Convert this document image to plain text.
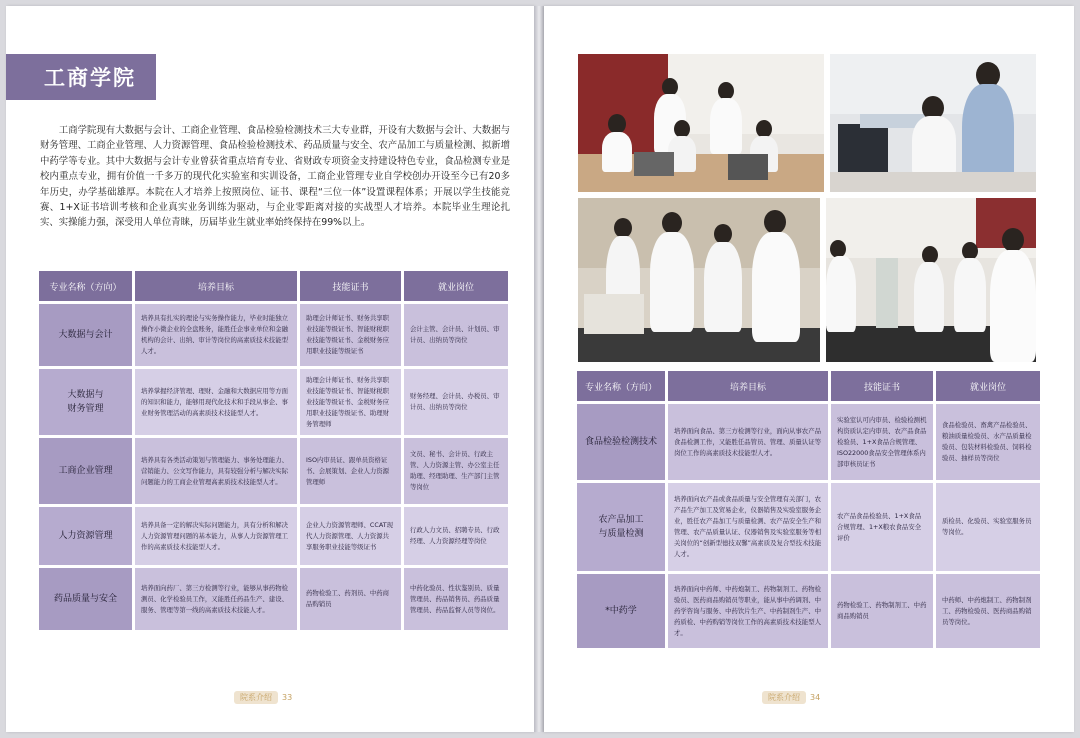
工商学院

工商学院现有大数据与会计、工商企业管理、食品检验检测技术三大专业群，开设有大数据与会计、大数据与财务管理、工商企业管理、人力资源管理、食品检验检测技术、药品质量与安全、农产品加工与质量检测、拟新增中药学等专业。其中大数据与会计专业曾获省重点培育专业、省财政专项资金支持建设特色专业，食品检测专业是校内重点专业，拥有价值一千多万的现代化实验室和实训设备，工商企业管理专业自学校创办开设至今已有20多年历史，办学基础雄厚。本院在人才培养上按照岗位、证书、课程“三位一体”设置课程体系；开展以学生技能竞赛、1+X证书培训考核和企业真实业务训练为驱动，与企业零距离对接的实战型人才培养。本院毕业生理论扎实、实操能力强，深受用人单位青睐，历届毕业生就业率始终保持在99%以上。

专业名称（方向）	培养目标	技能证书	就业岗位
大数据与会计	培养具有扎实的理论与实务操作能力，毕业时能独立操作小微企业的全盘账务，能胜任企事业单位和金融机构的会计、出纳、审计等岗位的高素质技术技能型人才。	助理会计师证书、财务共享职业技能等级证书、智能财税职业技能等级证书、金税财务应用职业技能等级证书	会计主管、会计员、计划员、审计员、出纳员等岗位
大数据与
财务管理	培养掌握经济管理、理财、金融和大数据应用等方面的知识和能力，能够用现代化技术和手段从事企、事业财务管理活动的高素质技术技能型人才。	助理会计师证书、财务共享职业技能等级证书、智能财税职业技能等级证书、金税财务应用职业技能等级证书、助理财务管理师	财务经理、会计员、办税员、审计员、出纳员等岗位
工商企业管理	培养具有各类活动策划与管理能力、事务处理能力、营销能力、公文写作能力，具有较强分析与解决实际问题能力的工商企业管理高素质技术技能型人才。	ISO内审员证、跟单员资格证书、会展策划、企业人力资源管理师	文员、秘书、会计员、行政主管、人力资源主管、办公室主任助理、经理助理、生产部门主管等岗位
人力资源管理	培养具备一定的解决实际问题能力，具有分析和解决人力资源管理问题的基本能力，从事人力资源管理工作的高素质技术技能型人才。	企业人力资源管理师、CCAT现代人力资源管理、人力资源共享服务职业技能等级证书	行政人力文员、招聘专员、行政经理、人力资源经理等岗位
药品质量与安全	培养面向药厂、第三方检测等行业，能够从事药物检测员、化学检验员工作，又能胜任药品生产、建设、服务、管理等第一线的高素质技术技能人才。	药物检验工、药剂员、中药商品购销员	中药化验员、性状鉴别员、质量管理员、药品销售员、药品质量管理员、药品监督人员等岗位。
院系介绍	33
专业名称（方向）	培养目标	技能证书	就业岗位
食品检验检测技术	培养面向食品、第三方检测等行业，面向从事农产品食品检测工作，又能胜任品管员、管理、质量认证等岗位工作的高素质技术技能型人才。	实验室认可内审员、检验检测机构资质认定内审员、农产品食品检验员、1+X食品合规管理、ISO22000食品安全管理体系内部审核员证书	食品检验员、畜禽产品检验员、粮油质量检验员、水产品质量检验员、包装材料检验员、饲料检验员、抽样员等岗位
农产品加工
与质量检测	培养面向农产品或食品质量与安全管理有关部门，农产品生产加工及贸易企业，仪器销售及实验室服务企业，胜任农产品加工与质量检测、农产品安全生产和管理、农产品质量认证、仪器销售及实验室服务等相关岗位的“创新型德技双馨”高素质及复合型技术技能人才。	农产品食品检验员、1+X食品合规管理、1+X粮农食品安全评价	质检员、化验员、实验室服务员等岗位。
*中药学	培养面向中药师、中药炮制工、药物制剂工、药物检验员、医药商品购销员等职业，能从事中药调剂、中药学咨询与服务、中药饮片生产、中药制剂生产、中药质检、中药购销等岗位工作的高素质技术技能型人才。	药物检验工、药物制剂工、中药商品购销员	中药师、中药炮制工、药物制剂工、药物检验员、医药商品购销员等岗位。
院系介绍	34
